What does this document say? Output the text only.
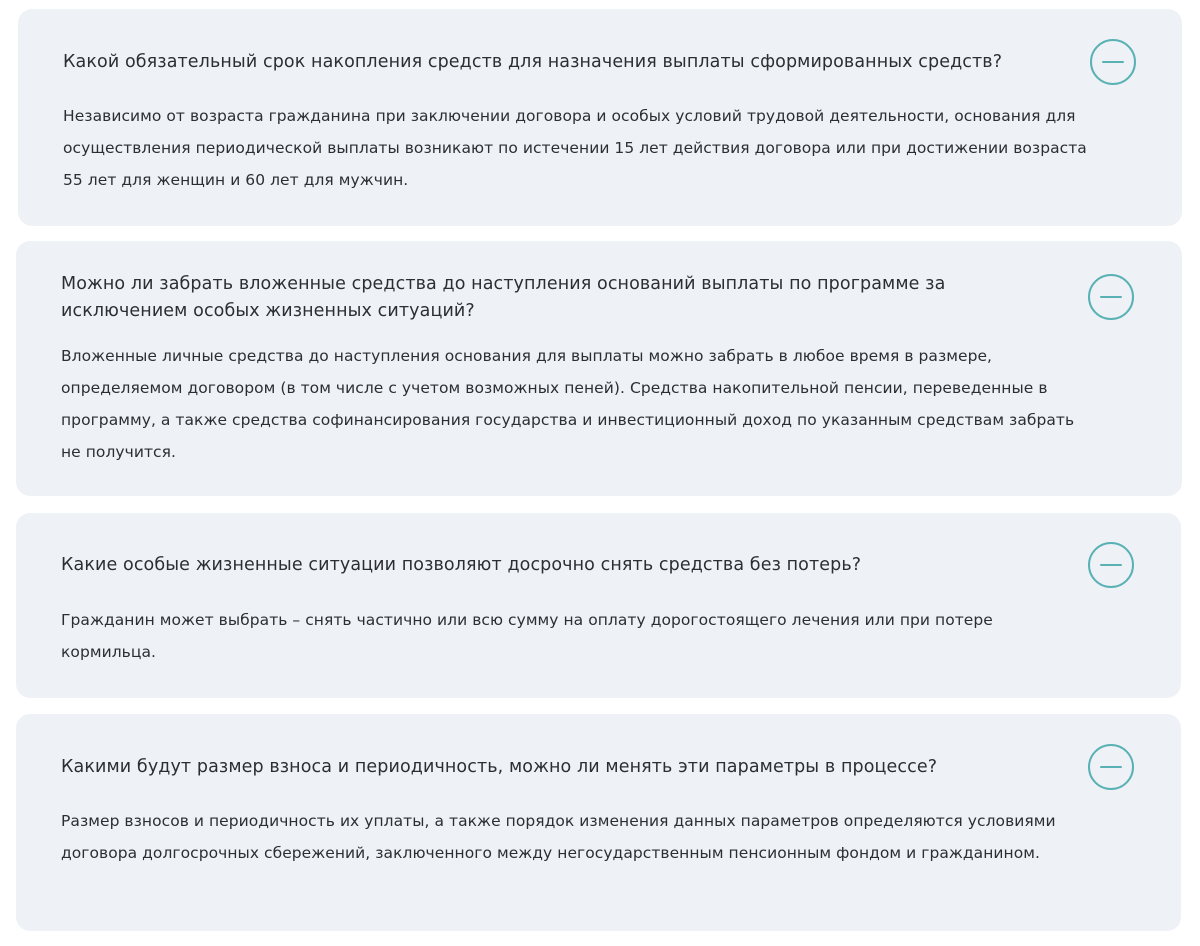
Какой обязательный срок накопления средств для назначения выплаты сформированных средств?
Независимо от возраста гражданина при заключении договора и особых условий трудовой деятельности, основания для осуществления периодической выплаты возникают по истечении 15 лет действия договора или при достижении возраста 55 лет для женщин и 60 лет для мужчин.
Можно ли забрать вложенные средства до наступления оснований выплаты по программе за исключением особых жизненных ситуаций?
Вложенные личные средства до наступления основания для выплаты можно забрать в любое время в размере, определяемом договором (в том числе с учетом возможных пеней). Средства накопительной пенсии, переведенные в программу, а также средства софинансирования государства и инвестиционный доход по указанным средствам забрать не получится.
Какие особые жизненные ситуации позволяют досрочно снять средства без потерь?
Гражданин может выбрать – снять частично или всю сумму на оплату дорогостоящего лечения или при потере кормильца.
Какими будут размер взноса и периодичность, можно ли менять эти параметры в процессе?
Размер взносов и периодичность их уплаты, а также порядок изменения данных параметров определяются условиями договора долгосрочных сбережений, заключенного между негосударственным пенсионным фондом и гражданином.
